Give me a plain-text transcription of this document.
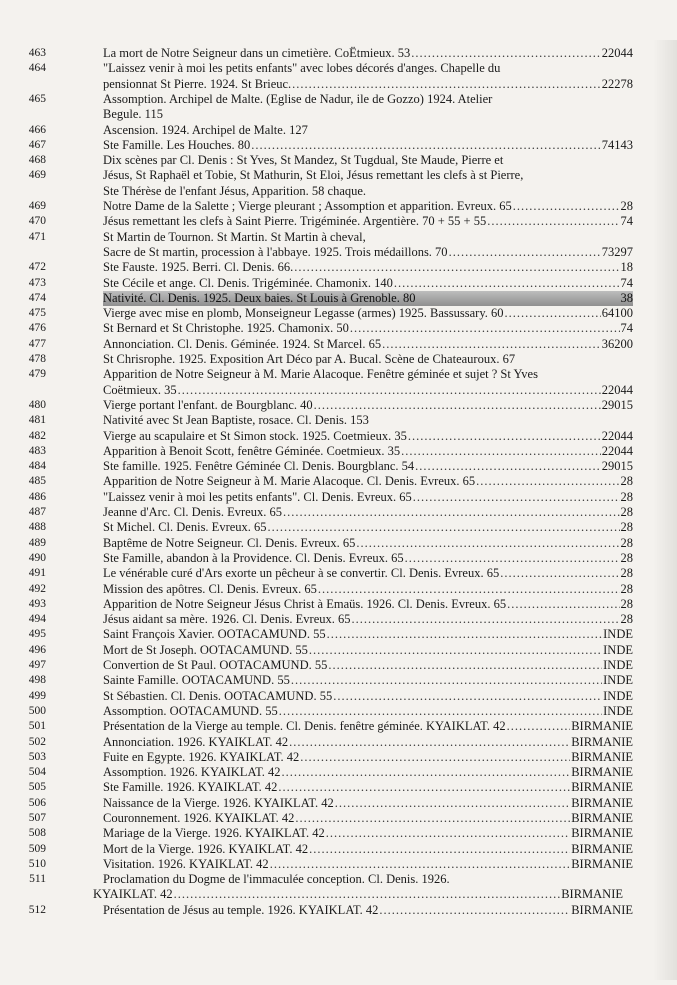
463	La mort de Notre Seigneur dans un cimetière. CoËtmieux. 53 .....	22044
464	"Laissez venir à moi les petits enfants" avec lobes décorés d'anges. Chapelle du
pensionnat St Pierre. 1924. St Brieuc. .....	22278
465	Assomption. Archipel de Malte. (Eglise de Nadur, ile de Gozzo) 1924. Atelier
Begule. 115
466	Ascension. 1924. Archipel de Malte. 127
467	Ste Famille. Les Houches. 80 .....	74143
468	Dix scènes par Cl. Denis : St Yves, St Mandez, St Tugdual, Ste Maude, Pierre et
469	Jésus, St Raphaël et Tobie, St Mathurin, St Eloi, Jésus remettant les clefs à st Pierre,
Ste Thérèse de l'enfant Jésus, Apparition. 58 chaque.
469	Notre Dame de la Salette ; Vierge pleurant ; Assomption et apparition. Evreux. 65 .....	28
470	Jésus remettant les clefs à Saint Pierre. Trigéminée. Argentière. 70 + 55 + 55 .....	74
471	St Martin de Tournon. St Martin. St Martin à cheval,
Sacre de St martin, procession à l'abbaye. 1925. Trois médaillons. 70 .....	73297
472	Ste Fauste. 1925. Berri. Cl. Denis. 66. .....	18
473	Ste Cécile et ange. Cl. Denis. Trigéminée. Chamonix. 140 .....	74
474	Nativité. Cl. Denis. 1925. Deux baies. St Louis à Grenoble. 80	38
475	Vierge avec mise en plomb, Monseigneur Legasse (armes) 1925. Bassussary. 60 .....	64100
476	St Bernard et St Christophe. 1925. Chamonix. 50 .....	74
477	Annonciation. Cl. Denis. Géminée. 1924. St Marcel. 65 .....	36200
478	St Chrisrophe. 1925. Exposition Art Déco par A. Bucal. Scène de Chateauroux. 67
479	Apparition de Notre Seigneur à M. Marie Alacoque. Fenêtre géminée et sujet ? St Yves
Coëtmieux. 35 .....	22044
480	Vierge portant l'enfant. de Bourgblanc. 40 .....	29015
481	Nativité avec St Jean Baptiste, rosace. Cl. Denis. 153
482	Vierge au scapulaire et St Simon stock. 1925. Coetmieux. 35 .....	22044
483	Apparition à Benoit Scott, fenêtre Géminée. Coetmieux. 35 .....	22044
484	Ste famille. 1925. Fenêtre Géminée Cl. Denis. Bourgblanc. 54 .....	29015
485	Apparition de Notre Seigneur à M. Marie Alacoque. Cl. Denis. Evreux. 65 .....	28
486	"Laissez venir à moi les petits enfants". Cl. Denis. Evreux. 65 .....	28
487	Jeanne d'Arc. Cl. Denis. Evreux. 65 .....	28
488	St Michel. Cl. Denis. Evreux. 65 .....	28
489	Baptême de Notre Seigneur. Cl. Denis. Evreux. 65 .....	28
490	Ste Famille, abandon à la Providence. Cl. Denis. Evreux. 65 .....	28
491	Le vénérable curé d'Ars exorte un pêcheur à se convertir. Cl. Denis. Evreux. 65 .....	28
492	Mission des apôtres. Cl. Denis. Evreux. 65 .....	28
493	Apparition de Notre Seigneur Jésus Christ à Emaüs. 1926. Cl. Denis. Evreux. 65 .....	28
494	Jésus aidant sa mère. 1926. Cl. Denis. Evreux. 65 .....	28
495	Saint François Xavier. OOTACAMUND. 55 .....	INDE
496	Mort de St Joseph. OOTACAMUND. 55 .....	INDE
497	Convertion de St Paul. OOTACAMUND. 55 .....	INDE
498	Sainte Famille. OOTACAMUND. 55 .....	INDE
499	St Sébastien. Cl. Denis. OOTACAMUND. 55 .....	INDE
500	Assomption. OOTACAMUND. 55 .....	INDE
501	Présentation de la Vierge au temple. Cl. Denis. fenêtre géminée. KYAIKLAT. 42 .....	BIRMANIE
502	Annonciation. 1926. KYAIKLAT. 42 .....	BIRMANIE
503	Fuite en Egypte. 1926. KYAIKLAT. 42 .....	BIRMANIE
504	Assomption. 1926. KYAIKLAT. 42 .....	BIRMANIE
505	Ste Famille. 1926. KYAIKLAT. 42 .....	BIRMANIE
506	Naissance de la Vierge. 1926. KYAIKLAT. 42 .....	BIRMANIE
507	Couronnement. 1926. KYAIKLAT. 42 .....	BIRMANIE
508	Mariage de la Vierge. 1926. KYAIKLAT. 42 .....	BIRMANIE
509	Mort de la Vierge. 1926. KYAIKLAT. 42 .....	BIRMANIE
510	Visitation. 1926. KYAIKLAT. 42 .....	BIRMANIE
511	Proclamation du Dogme de l'immaculée conception. Cl. Denis. 1926.
KYAIKLAT. 42 .....	BIRMANIE
512	Présentation de Jésus au temple. 1926. KYAIKLAT. 42 .....	BIRMANIE
